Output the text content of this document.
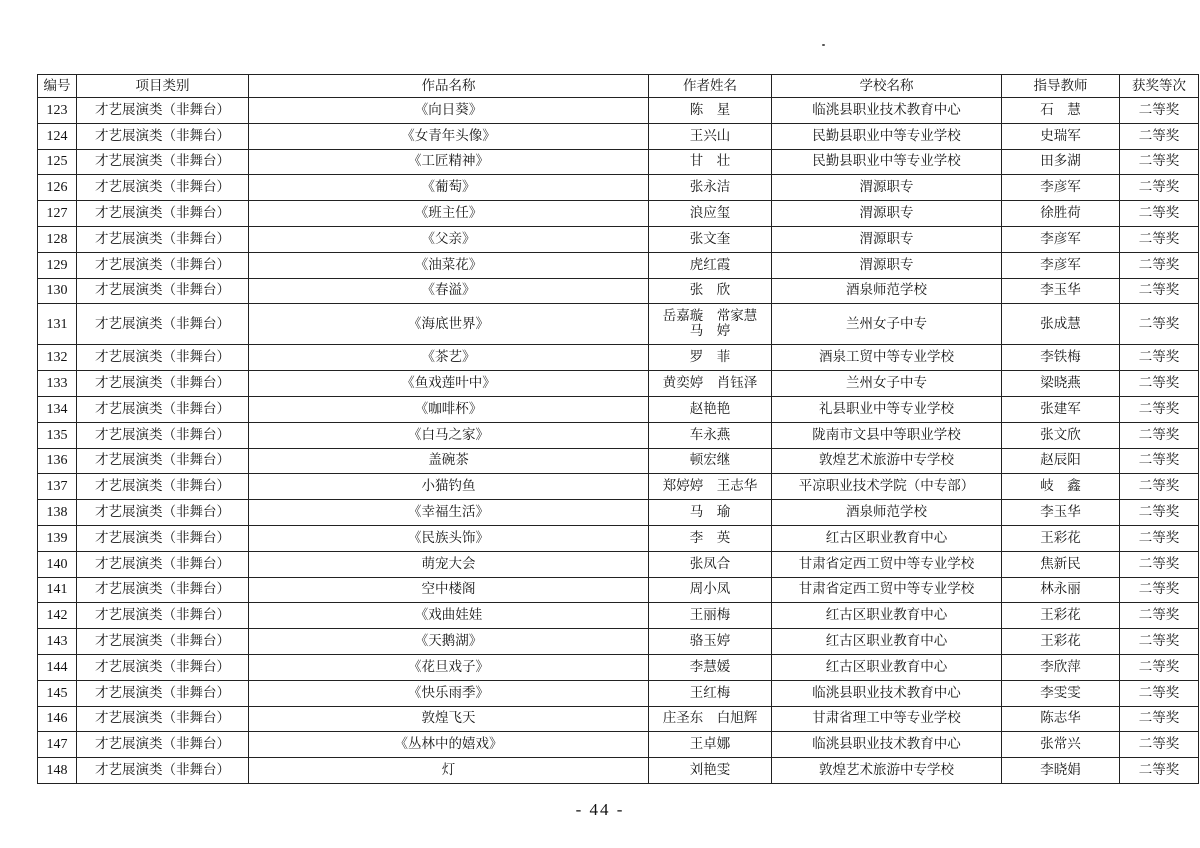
编号	项目类别	作品名称	作者姓名	学校名称	指导教师	获奖等次
123	才艺展演类（非舞台）	《向日葵》	陈　星	临洮县职业技术教育中心	石　慧	二等奖
124	才艺展演类（非舞台）	《女青年头像》	王兴山	民勤县职业中等专业学校	史瑞军	二等奖
125	才艺展演类（非舞台）	《工匠精神》	甘　壮	民勤县职业中等专业学校	田多湖	二等奖
126	才艺展演类（非舞台）	《葡萄》	张永洁	渭源职专	李彦军	二等奖
127	才艺展演类（非舞台）	《班主任》	浪应玺	渭源职专	徐胜荷	二等奖
128	才艺展演类（非舞台）	《父亲》	张文奎	渭源职专	李彦军	二等奖
129	才艺展演类（非舞台）	《油菜花》	虎红霞	渭源职专	李彦军	二等奖
130	才艺展演类（非舞台）	《春溢》	张　欣	酒泉师范学校	李玉华	二等奖
131	才艺展演类（非舞台）	《海底世界》	岳嘉璇　常家慧
马　婷	兰州女子中专	张成慧	二等奖
132	才艺展演类（非舞台）	《茶艺》	罗　菲	酒泉工贸中等专业学校	李铁梅	二等奖
133	才艺展演类（非舞台）	《鱼戏莲叶中》	黄奕婷　肖钰泽	兰州女子中专	梁晓燕	二等奖
134	才艺展演类（非舞台）	《咖啡杯》	赵艳艳	礼县职业中等专业学校	张建军	二等奖
135	才艺展演类（非舞台）	《白马之家》	车永燕	陇南市文县中等职业学校	张文欣	二等奖
136	才艺展演类（非舞台）	盖碗茶	顿宏继	敦煌艺术旅游中专学校	赵辰阳	二等奖
137	才艺展演类（非舞台）	小猫钓鱼	郑婷婷　王志华	平凉职业技术学院（中专部）	岐　鑫	二等奖
138	才艺展演类（非舞台）	《幸福生活》	马　瑜	酒泉师范学校	李玉华	二等奖
139	才艺展演类（非舞台）	《民族头饰》	李　英	红古区职业教育中心	王彩花	二等奖
140	才艺展演类（非舞台）	萌宠大会	张凤合	甘肃省定西工贸中等专业学校	焦新民	二等奖
141	才艺展演类（非舞台）	空中楼阁	周小凤	甘肃省定西工贸中等专业学校	林永丽	二等奖
142	才艺展演类（非舞台）	《戏曲娃娃	王丽梅	红古区职业教育中心	王彩花	二等奖
143	才艺展演类（非舞台）	《天鹅湖》	骆玉婷	红古区职业教育中心	王彩花	二等奖
144	才艺展演类（非舞台）	《花旦戏子》	李慧媛	红古区职业教育中心	李欣萍	二等奖
145	才艺展演类（非舞台）	《快乐雨季》	王红梅	临洮县职业技术教育中心	李雯雯	二等奖
146	才艺展演类（非舞台）	敦煌飞天	庄圣东　白旭辉	甘肃省理工中等专业学校	陈志华	二等奖
147	才艺展演类（非舞台）	《丛林中的嬉戏》	王卓娜	临洮县职业技术教育中心	张常兴	二等奖
148	才艺展演类（非舞台）	灯	刘艳雯	敦煌艺术旅游中专学校	李晓娟	二等奖
- 44 -
